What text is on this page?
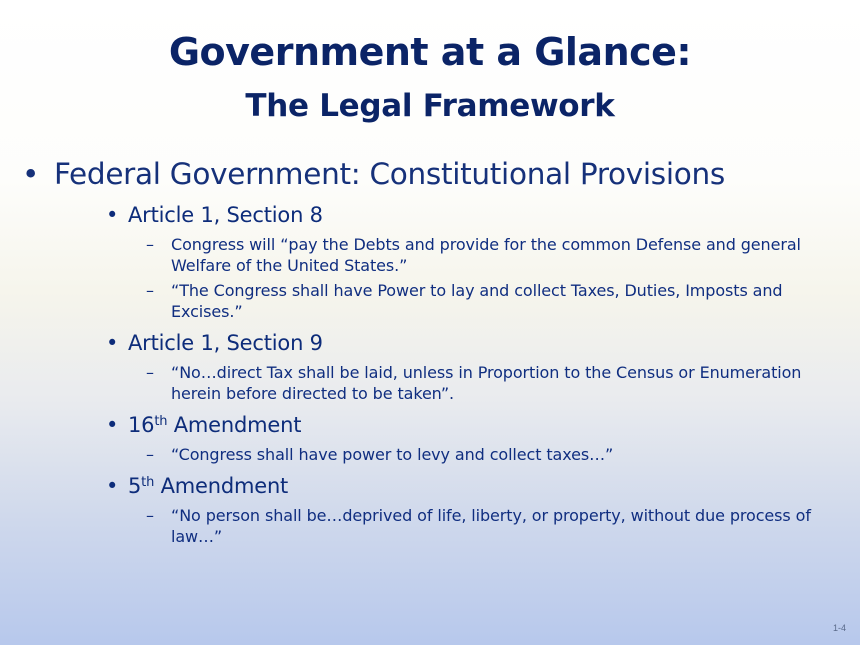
Government at a Glance:
The Legal Framework
• Federal Government: Constitutional Provisions
• Article 1, Section 8
– Congress will “pay the Debts and provide for the common Defense and general Welfare of the United States.”
– “The Congress shall have Power to lay and collect Taxes, Duties, Imposts and Excises.”
• Article 1, Section 9
– “No…direct Tax shall be laid, unless in Proportion to the Census or Enumeration herein before directed to be taken”.
• 16th Amendment
– “Congress shall have power to levy and collect taxes…”
• 5th Amendment
– “No person shall be…deprived of life, liberty, or property, without due process of law…”
1-4
